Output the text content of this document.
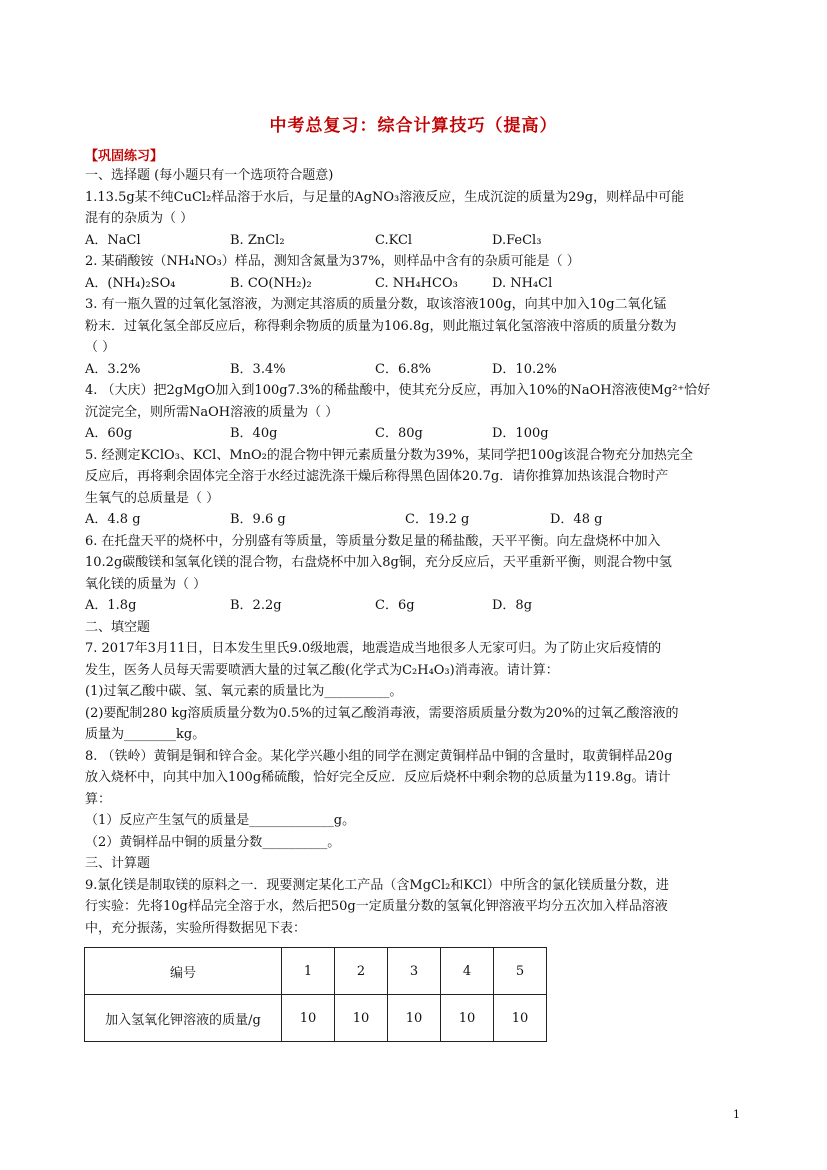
中考总复习：综合计算技巧（提高）
【巩固练习】
一、选择题 (每小题只有一个选项符合题意)
1.13.5g某不纯CuCl₂样品溶于水后，与足量的AgNO₃溶液反应，生成沉淀的质量为29g，则样品中可能
混有的杂质为（ ）
A．NaCl	B. ZnCl₂	C.KCl	D.FeCl₃
2. 某硝酸铵（NH₄NO₃）样品，测知含氮量为37%，则样品中含有的杂质可能是（ ）
A．(NH₄)₂SO₄	B. CO(NH₂)₂	C. NH₄HCO₃	D. NH₄Cl
3. 有一瓶久置的过氧化氢溶液，为测定其溶质的质量分数，取该溶液100g，向其中加入10g二氧化锰
粉末．过氧化氢全部反应后，称得剩余物质的质量为106.8g，则此瓶过氧化氢溶液中溶质的质量分数为
（ ）
A．3.2%	B．3.4%	C．6.8%	D．10.2%
4. （大庆）把2gMgO加入到100g7.3%的稀盐酸中，使其充分反应，再加入10%的NaOH溶液使Mg²⁺恰好
沉淀完全，则所需NaOH溶液的质量为（ ）
A．60g	B．40g	C．80g	D．100g
5. 经测定KClO₃、KCl、MnO₂的混合物中钾元素质量分数为39%，某同学把100g该混合物充分加热完全
反应后，再将剩余固体完全溶于水经过滤洗涤干燥后称得黑色固体20.7g．请你推算加热该混合物时产
生氧气的总质量是（ ）
A．4.8 g	B．9.6 g	C．19.2 g	D．48 g
6. 在托盘天平的烧杯中，分别盛有等质量，等质量分数足量的稀盐酸，天平平衡。向左盘烧杯中加入
10.2g碳酸镁和氢氧化镁的混合物，右盘烧杯中加入8g铜，充分反应后，天平重新平衡，则混合物中氢
氧化镁的质量为（ ）
A．1.8g	B．2.2g	C．6g	D．8g
二、填空题
7. 2017年3月11日，日本发生里氏9.0级地震，地震造成当地很多人无家可归。为了防止灾后疫情的
发生，医务人员每天需要喷洒大量的过氧乙酸(化学式为C₂H₄O₃)消毒液。请计算：
(1)过氧乙酸中碳、氢、氧元素的质量比为__________。
(2)要配制280 kg溶质质量分数为0.5%的过氧乙酸消毒液，需要溶质质量分数为20%的过氧乙酸溶液的
质量为________kg。
8. （铁岭）黄铜是铜和锌合金。某化学兴趣小组的同学在测定黄铜样品中铜的含量时，取黄铜样品20g
放入烧杯中，向其中加入100g稀硫酸，恰好完全反应．反应后烧杯中剩余物的总质量为119.8g。请计
算：
（1）反应产生氢气的质量是_____________g。
（2）黄铜样品中铜的质量分数__________。
三、计算题
9.氯化镁是制取镁的原料之一．现要测定某化工产品（含MgCl₂和KCl）中所含的氯化镁质量分数，进
行实验：先将10g样品完全溶于水，然后把50g一定质量分数的氢氧化钾溶液平均分五次加入样品溶液
中，充分振荡，实验所得数据见下表：
编号	1	2	3	4	5
加入氢氧化钾溶液的质量/g	10	10	10	10	10
1
